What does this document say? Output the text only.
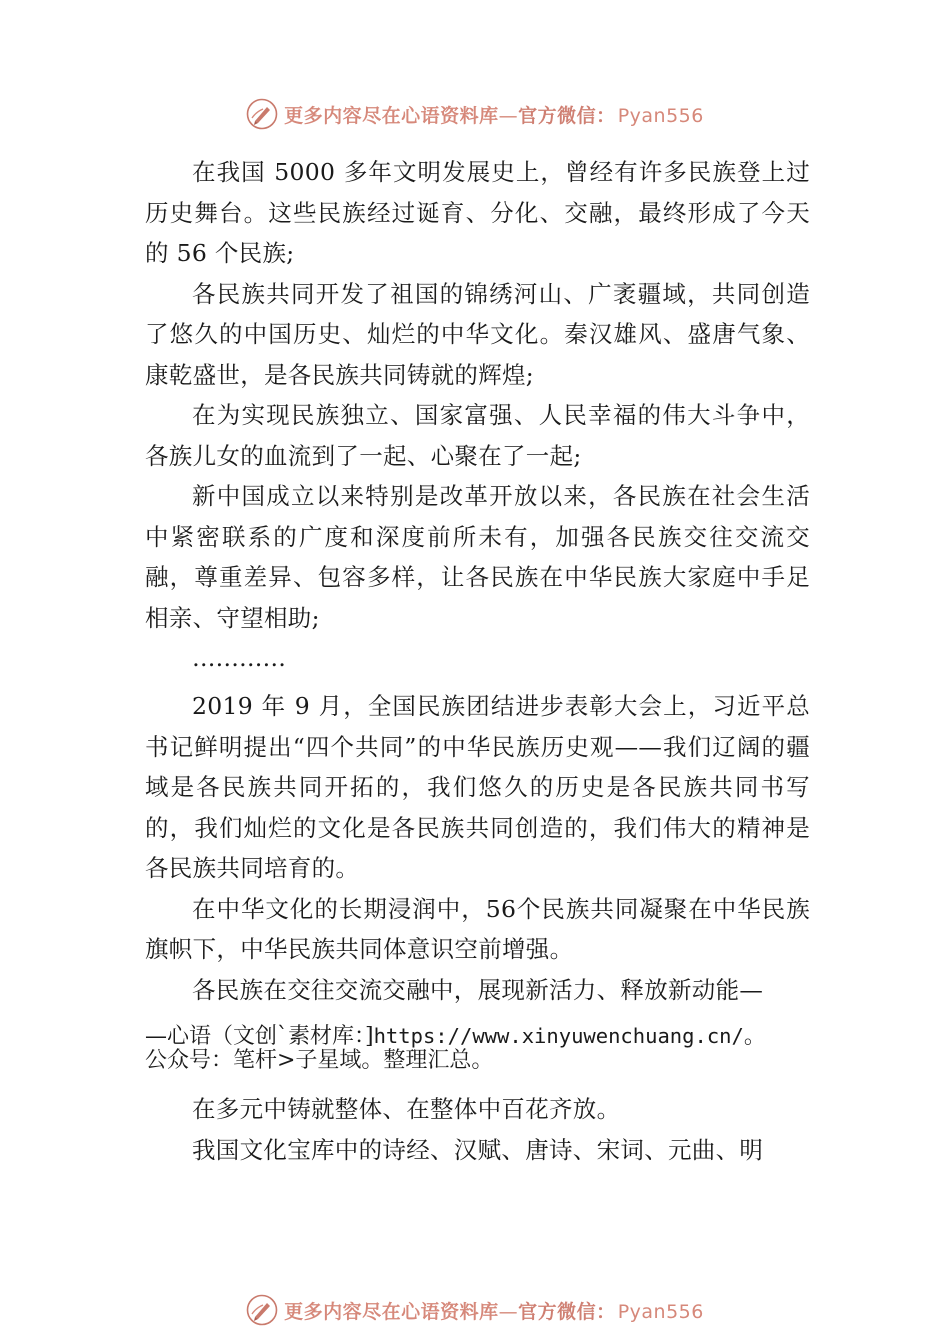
更多内容尽在心语资料库—官方微信： Pyan556

在我国 5000 多年文明发展史上，曾经有许多民族登上过历史舞台。这些民族经过诞育、分化、交融，最终形成了今天的 56 个民族;

各民族共同开发了祖国的锦绣河山、广袤疆域，共同创造了悠久的中国历史、灿烂的中华文化。秦汉雄风、盛唐气象、康乾盛世，是各民族共同铸就的辉煌;

在为实现民族独立、国家富强、人民幸福的伟大斗争中，各族儿女的血流到了一起、心聚在了一起;

新中国成立以来特别是改革开放以来，各民族在社会生活中紧密联系的广度和深度前所未有，加强各民族交往交流交融，尊重差异、包容多样，让各民族在中华民族大家庭中手足相亲、守望相助;

…………

2019 年 9 月，全国民族团结进步表彰大会上，习近平总书记鲜明提出“四个共同”的中华民族历史观——我们辽阔的疆域是各民族共同开拓的，我们悠久的历史是各民族共同书写的，我们灿烂的文化是各民族共同创造的，我们伟大的精神是各民族共同培育的。

在中华文化的长期浸润中，56个民族共同凝聚在中华民族旗帜下，中华民族共同体意识空前增强。

各民族在交往交流交融中，展现新活力、释放新动能—

—心语（文创`素材库：]https://www.xinyuwenchuang.cn/。
公众号：笔杆>子星域。整理汇总。

在多元中铸就整体、在整体中百花齐放。

我国文化宝库中的诗经、汉赋、唐诗、宋词、元曲、明

更多内容尽在心语资料库—官方微信： Pyan556
